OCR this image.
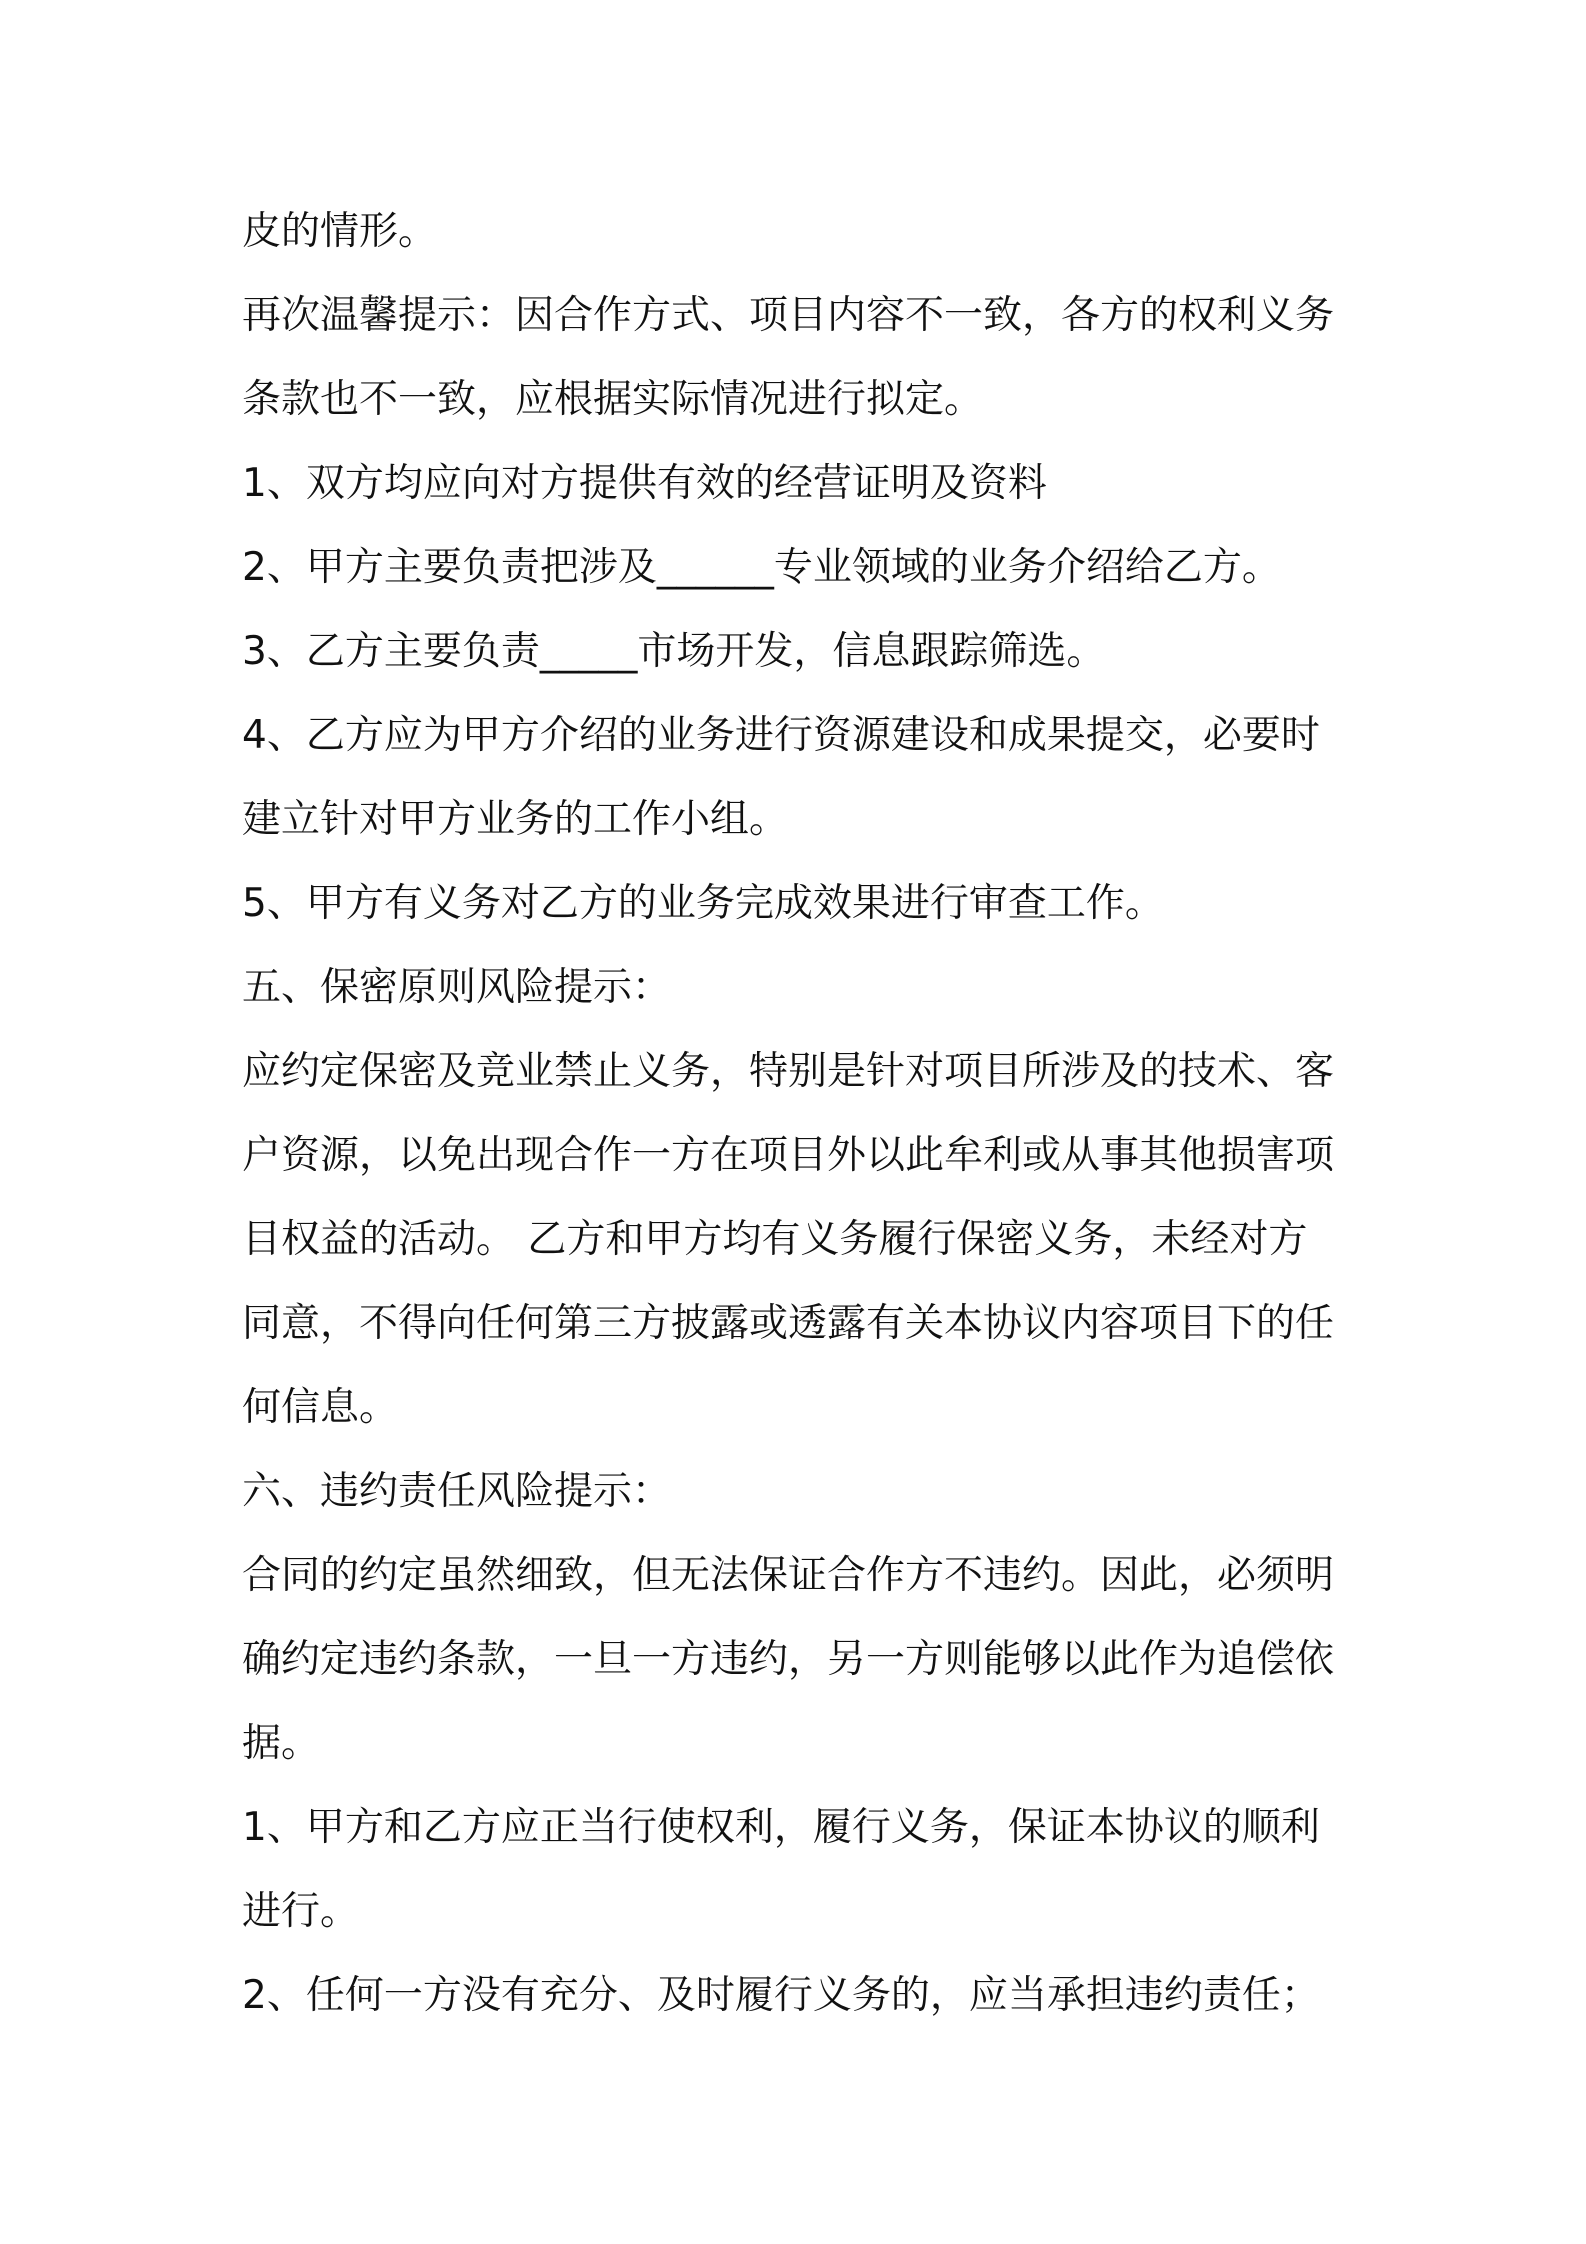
皮的情形。
再次温馨提示：因合作方式、项目内容不一致，各方的权利义务
条款也不一致，应根据实际情况进行拟定。
1、双方均应向对方提供有效的经营证明及资料
2、甲方主要负责把涉及______专业领域的业务介绍给乙方。
3、乙方主要负责_____市场开发，信息跟踪筛选。
4、乙方应为甲方介绍的业务进行资源建设和成果提交，必要时
建立针对甲方业务的工作小组。
5、甲方有义务对乙方的业务完成效果进行审查工作。
五、保密原则风险提示：
应约定保密及竞业禁止义务，特别是针对项目所涉及的技术、客
户资源，以免出现合作一方在项目外以此牟利或从事其他损害项
目权益的活动。 乙方和甲方均有义务履行保密义务，未经对方
同意，不得向任何第三方披露或透露有关本协议内容项目下的任
何信息。
六、违约责任风险提示：
合同的约定虽然细致，但无法保证合作方不违约。因此，必须明
确约定违约条款，一旦一方违约，另一方则能够以此作为追偿依
据。
1、甲方和乙方应正当行使权利，履行义务，保证本协议的顺利
进行。
2、任何一方没有充分、及时履行义务的，应当承担违约责任；
